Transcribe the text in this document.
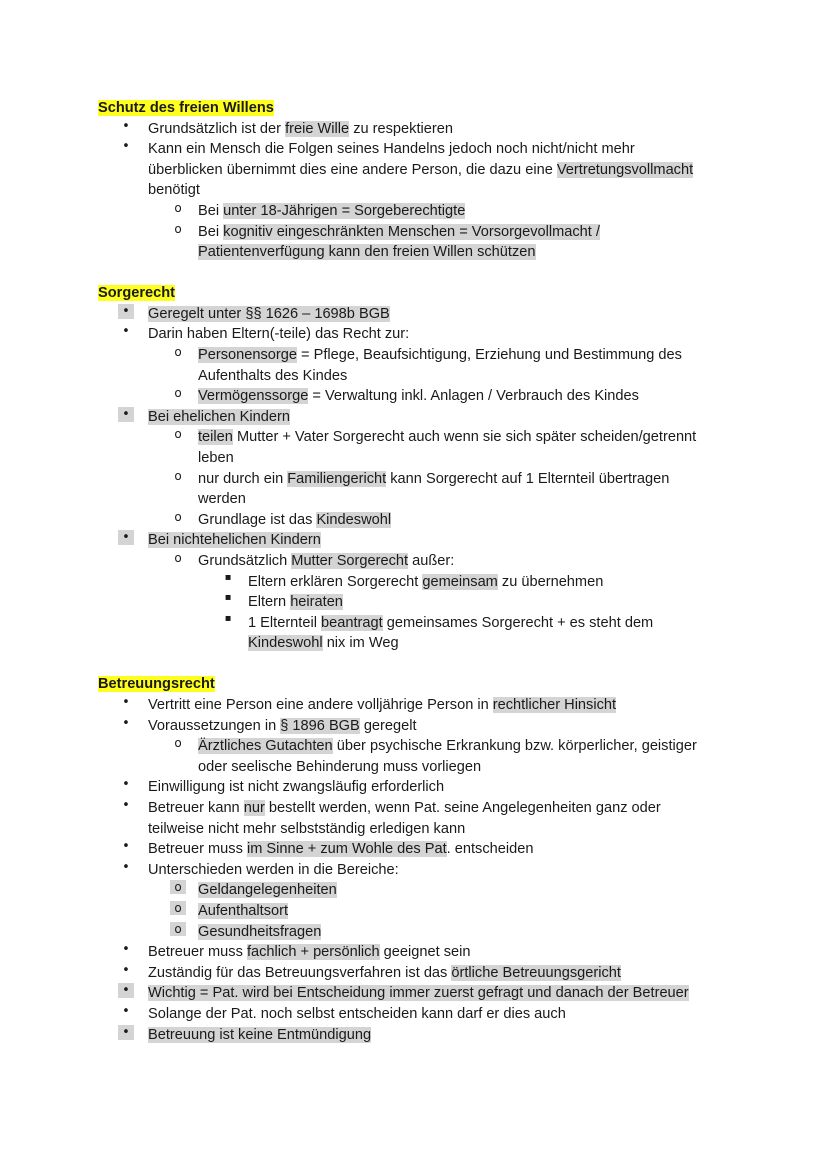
Schutz des freien Willens
• Grundsätzlich ist der freie Wille zu respektieren
• Kann ein Mensch die Folgen seines Handelns jedoch noch nicht/nicht mehr
überblicken übernimmt dies eine andere Person, die dazu eine Vertretungsvollmacht
benötigt
o Bei unter 18-Jährigen = Sorgeberechtigte
o Bei kognitiv eingeschränkten Menschen = Vorsorgevollmacht /
Patientenverfügung kann den freien Willen schützen
Sorgerecht
• Geregelt unter §§ 1626 – 1698b BGB
• Darin haben Eltern(-teile) das Recht zur:
o Personensorge = Pflege, Beaufsichtigung, Erziehung und Bestimmung des
Aufenthalts des Kindes
o Vermögenssorge = Verwaltung inkl. Anlagen / Verbrauch des Kindes
• Bei ehelichen Kindern
o teilen Mutter + Vater Sorgerecht auch wenn sie sich später scheiden/getrennt
leben
o nur durch ein Familiengericht kann Sorgerecht auf 1 Elternteil übertragen
werden
o Grundlage ist das Kindeswohl
• Bei nichtehelichen Kindern
o Grundsätzlich Mutter Sorgerecht außer:
▪	Eltern erklären Sorgerecht gemeinsam zu übernehmen
▪	Eltern heiraten
▪	1 Elternteil beantragt gemeinsames Sorgerecht + es steht dem
Kindeswohl nix im Weg
Betreuungsrecht
• Vertritt eine Person eine andere volljährige Person in rechtlicher Hinsicht
• Voraussetzungen in § 1896 BGB geregelt
o Ärztliches Gutachten über psychische Erkrankung bzw. körperlicher, geistiger
oder seelische Behinderung muss vorliegen
• Einwilligung ist nicht zwangsläufig erforderlich
• Betreuer kann nur bestellt werden, wenn Pat. seine Angelegenheiten ganz oder
teilweise nicht mehr selbstständig erledigen kann
• Betreuer muss im Sinne + zum Wohle des Pat. entscheiden
• Unterschieden werden in die Bereiche:
o Geldangelegenheiten
o Aufenthaltsort
o Gesundheitsfragen
• Betreuer muss fachlich + persönlich geeignet sein
• Zuständig für das Betreuungsverfahren ist das örtliche Betreuungsgericht
• Wichtig = Pat. wird bei Entscheidung immer zuerst gefragt und danach der Betreuer
• Solange der Pat. noch selbst entscheiden kann darf er dies auch
• Betreuung ist keine Entmündigung
